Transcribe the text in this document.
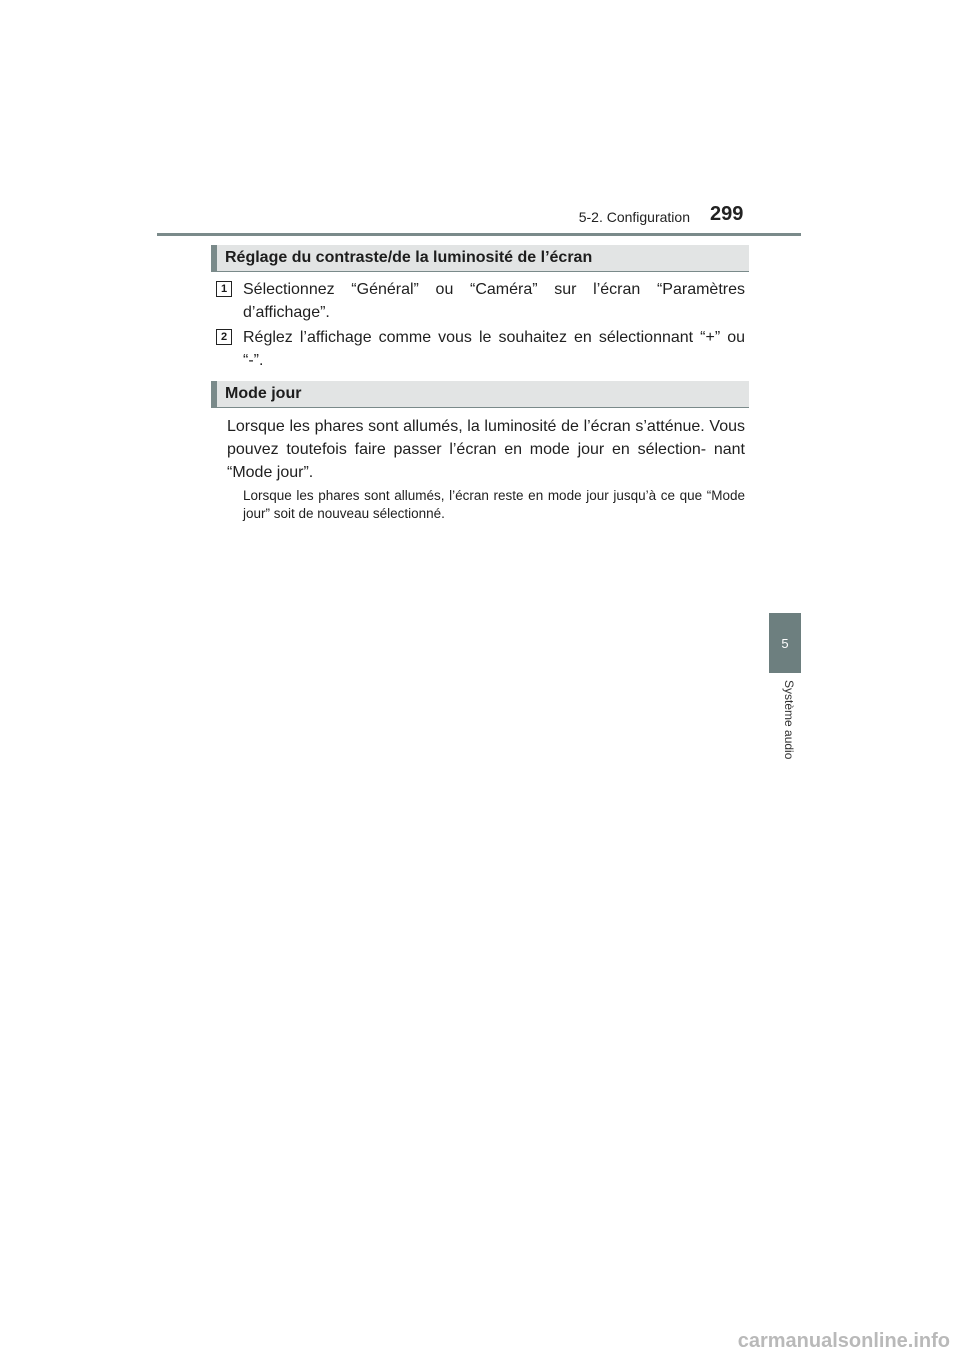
5-2. Configuration 299
5
Système audio
Réglage du contraste/de la luminosité de l’écran
1 Sélectionnez “Général” ou “Caméra” sur l’écran “Paramètres d’affichage”.
2 Réglez l’affichage comme vous le souhaitez en sélectionnant “+” ou “-”.
Mode jour
Lorsque les phares sont allumés, la luminosité de l’écran s’atténue. Vous pouvez toutefois faire passer l’écran en mode jour en sélection- nant “Mode jour”.
Lorsque les phares sont allumés, l’écran reste en mode jour jusqu’à ce que “Mode jour” soit de nouveau sélectionné.
carmanualsonline.info
